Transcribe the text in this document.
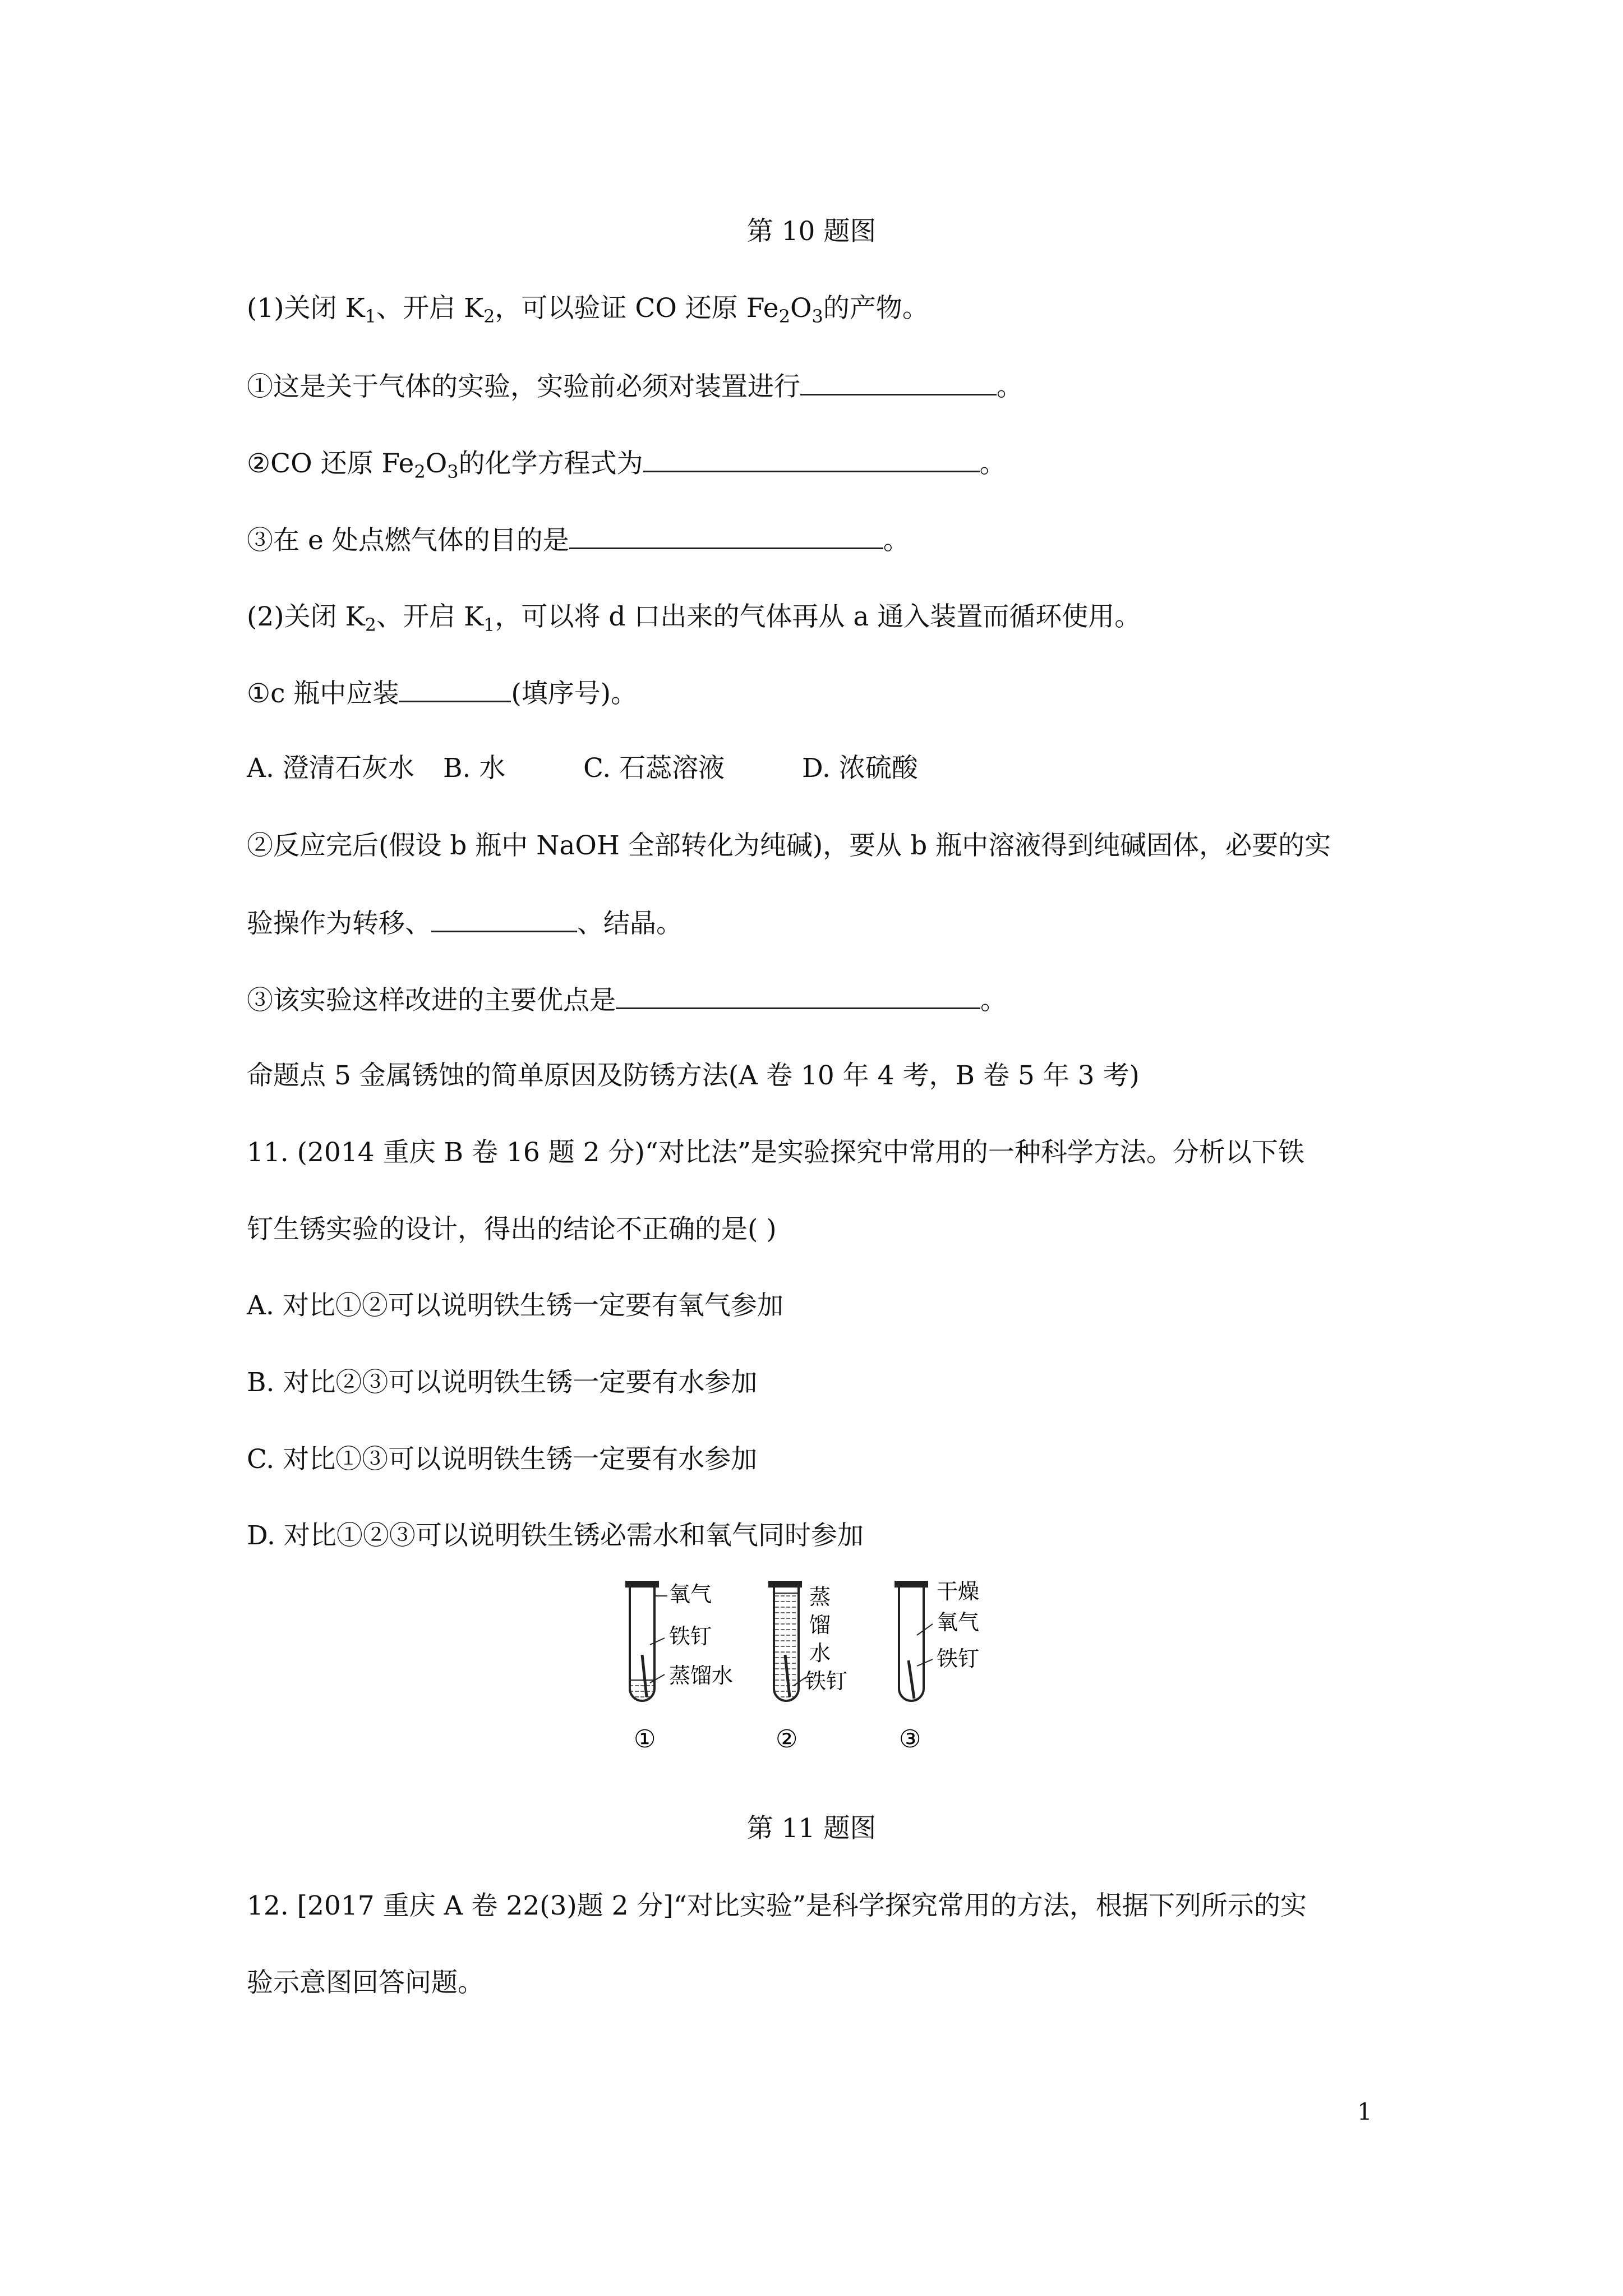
第 10 题图
(1)关闭 $K_1$、开启 $K_2$，可以验证 CO 还原 $Fe_2O_3$的产物。
①这是关于气体的实验，实验前必须对装置进行	。
②CO 还原 $Fe_2O_3$的化学方程式为	。
③在 e 处点燃气体的目的是	。
(2)关闭 $K_2$、开启 $K_1$，可以将 d 口出来的气体再从 a 通入装置而循环使用。
①c 瓶中应装	(填序号)。
A. 澄清石灰水 B. 水	C. 石蕊溶液	D. 浓硫酸
②反应完后(假设 b 瓶中 NaOH 全部转化为纯碱)，要从 b 瓶中溶液得到纯碱固体，必要的实
验操作为转移、	、结晶。
③该实验这样改进的主要优点是	。
命题点 5 金属锈蚀的简单原因及防锈方法(A 卷 10 年 4 考，B 卷 5 年 3 考)
11. (2014 重庆 B 卷 16 题 2 分)“对比法”是实验探究中常用的一种科学方法。分析以下铁
钉生锈实验的设计，得出的结论不正确的是( )
A. 对比①②可以说明铁生锈一定要有氧气参加
B. 对比②③可以说明铁生锈一定要有水参加
C. 对比①③可以说明铁生锈一定要有水参加
D. 对比①②③可以说明铁生锈必需水和氧气同时参加
氧气
铁钉
蒸馏水
①
蒸
馏
水
铁钉
②
干燥
氧气
铁钉
③
第 11 题图
12. [2017 重庆 A 卷 22(3)题 2 分]“对比实验”是科学探究常用的方法，根据下列所示的实
验示意图回答问题。
1
